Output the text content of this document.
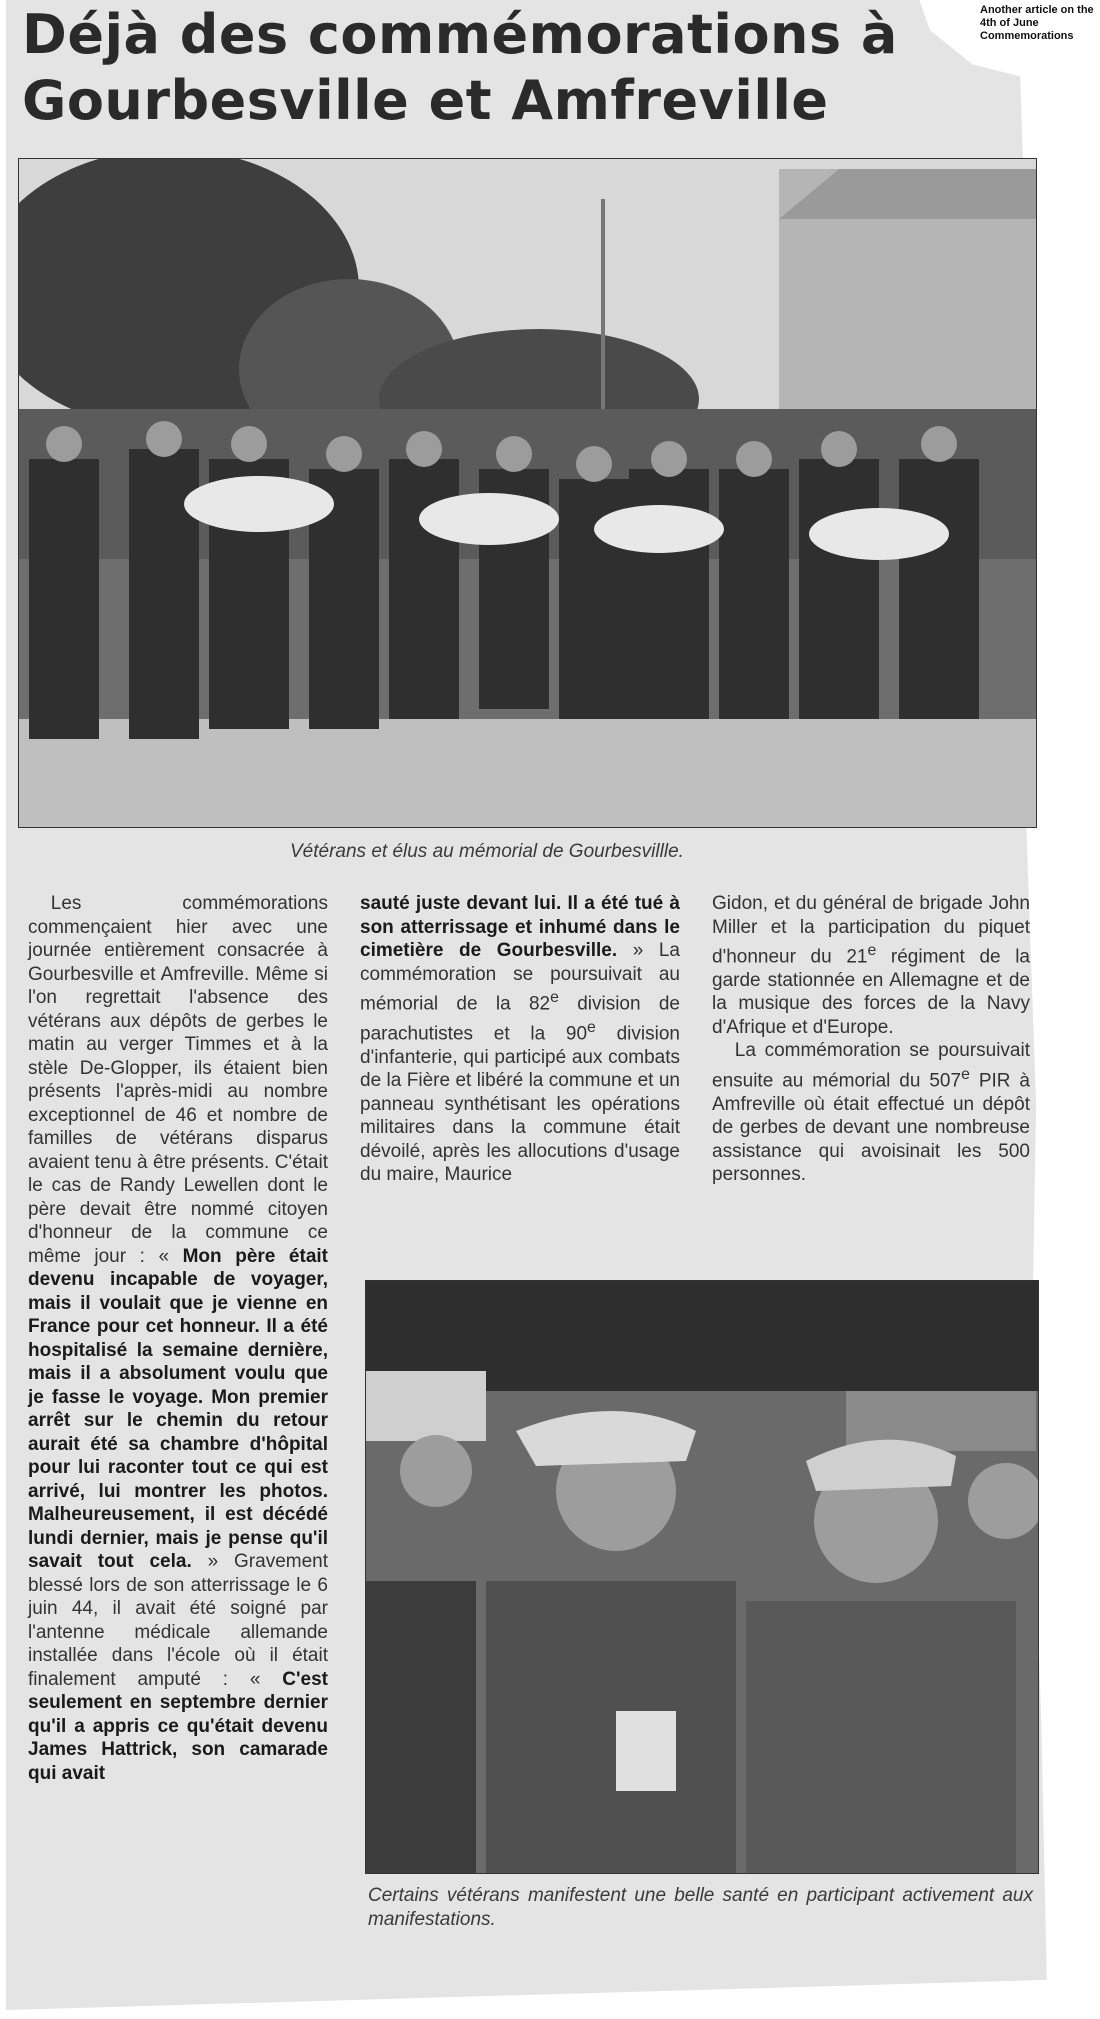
Déjà des commémorations à Gourbesville et Amfreville
Another article on the 4th of June Commemorations
Vétérans et élus au mémorial de Gourbesvillle.

Les commémorations commençaient hier avec une journée entièrement consacrée à Gourbesville et Amfreville. Même si l'on regrettait l'absence des vétérans aux dépôts de gerbes le matin au verger Timmes et à la stèle De-Glopper, ils étaient bien présents l'après-midi au nombre exceptionnel de 46 et nombre de familles de vétérans disparus avaient tenu à être présents. C'était le cas de Randy Lewellen dont le père devait être nommé citoyen d'honneur de la commune ce même jour : « Mon père était devenu incapable de voyager, mais il voulait que je vienne en France pour cet honneur. Il a été hospitalisé la semaine dernière, mais il a absolument voulu que je fasse le voyage. Mon premier arrêt sur le chemin du retour aurait été sa chambre d'hôpital pour lui raconter tout ce qui est arrivé, lui montrer les photos. Malheureusement, il est décédé lundi dernier, mais je pense qu'il savait tout cela. » Gravement blessé lors de son atterrissage le 6 juin 44, il avait été soigné par l'antenne médicale allemande installée dans l'école où il était finalement amputé : « C'est seulement en septembre dernier qu'il a appris ce qu'était devenu James Hattrick, son camarade qui avait

sauté juste devant lui. Il a été tué à son atterrissage et inhumé dans le cimetière de Gourbesville. » La commémoration se poursuivait au mémorial de la 82e division de parachutistes et la 90e division d'infanterie, qui participé aux combats de la Fière et libéré la commune et un panneau synthétisant les opérations militaires dans la commune était dévoilé, après les allocutions d'usage du maire, Maurice

Gidon, et du général de brigade John Miller et la participation du piquet d'honneur du 21e régiment de la garde stationnée en Allemagne et de la musique des forces de la Navy d'Afrique et d'Europe.

La commémoration se poursuivait ensuite au mémorial du 507e PIR à Amfreville où était effectué un dépôt de gerbes de devant une nombreuse assistance qui avoisinait les 500 personnes.

Certains vétérans manifestent une belle santé en participant activement aux manifestations.
